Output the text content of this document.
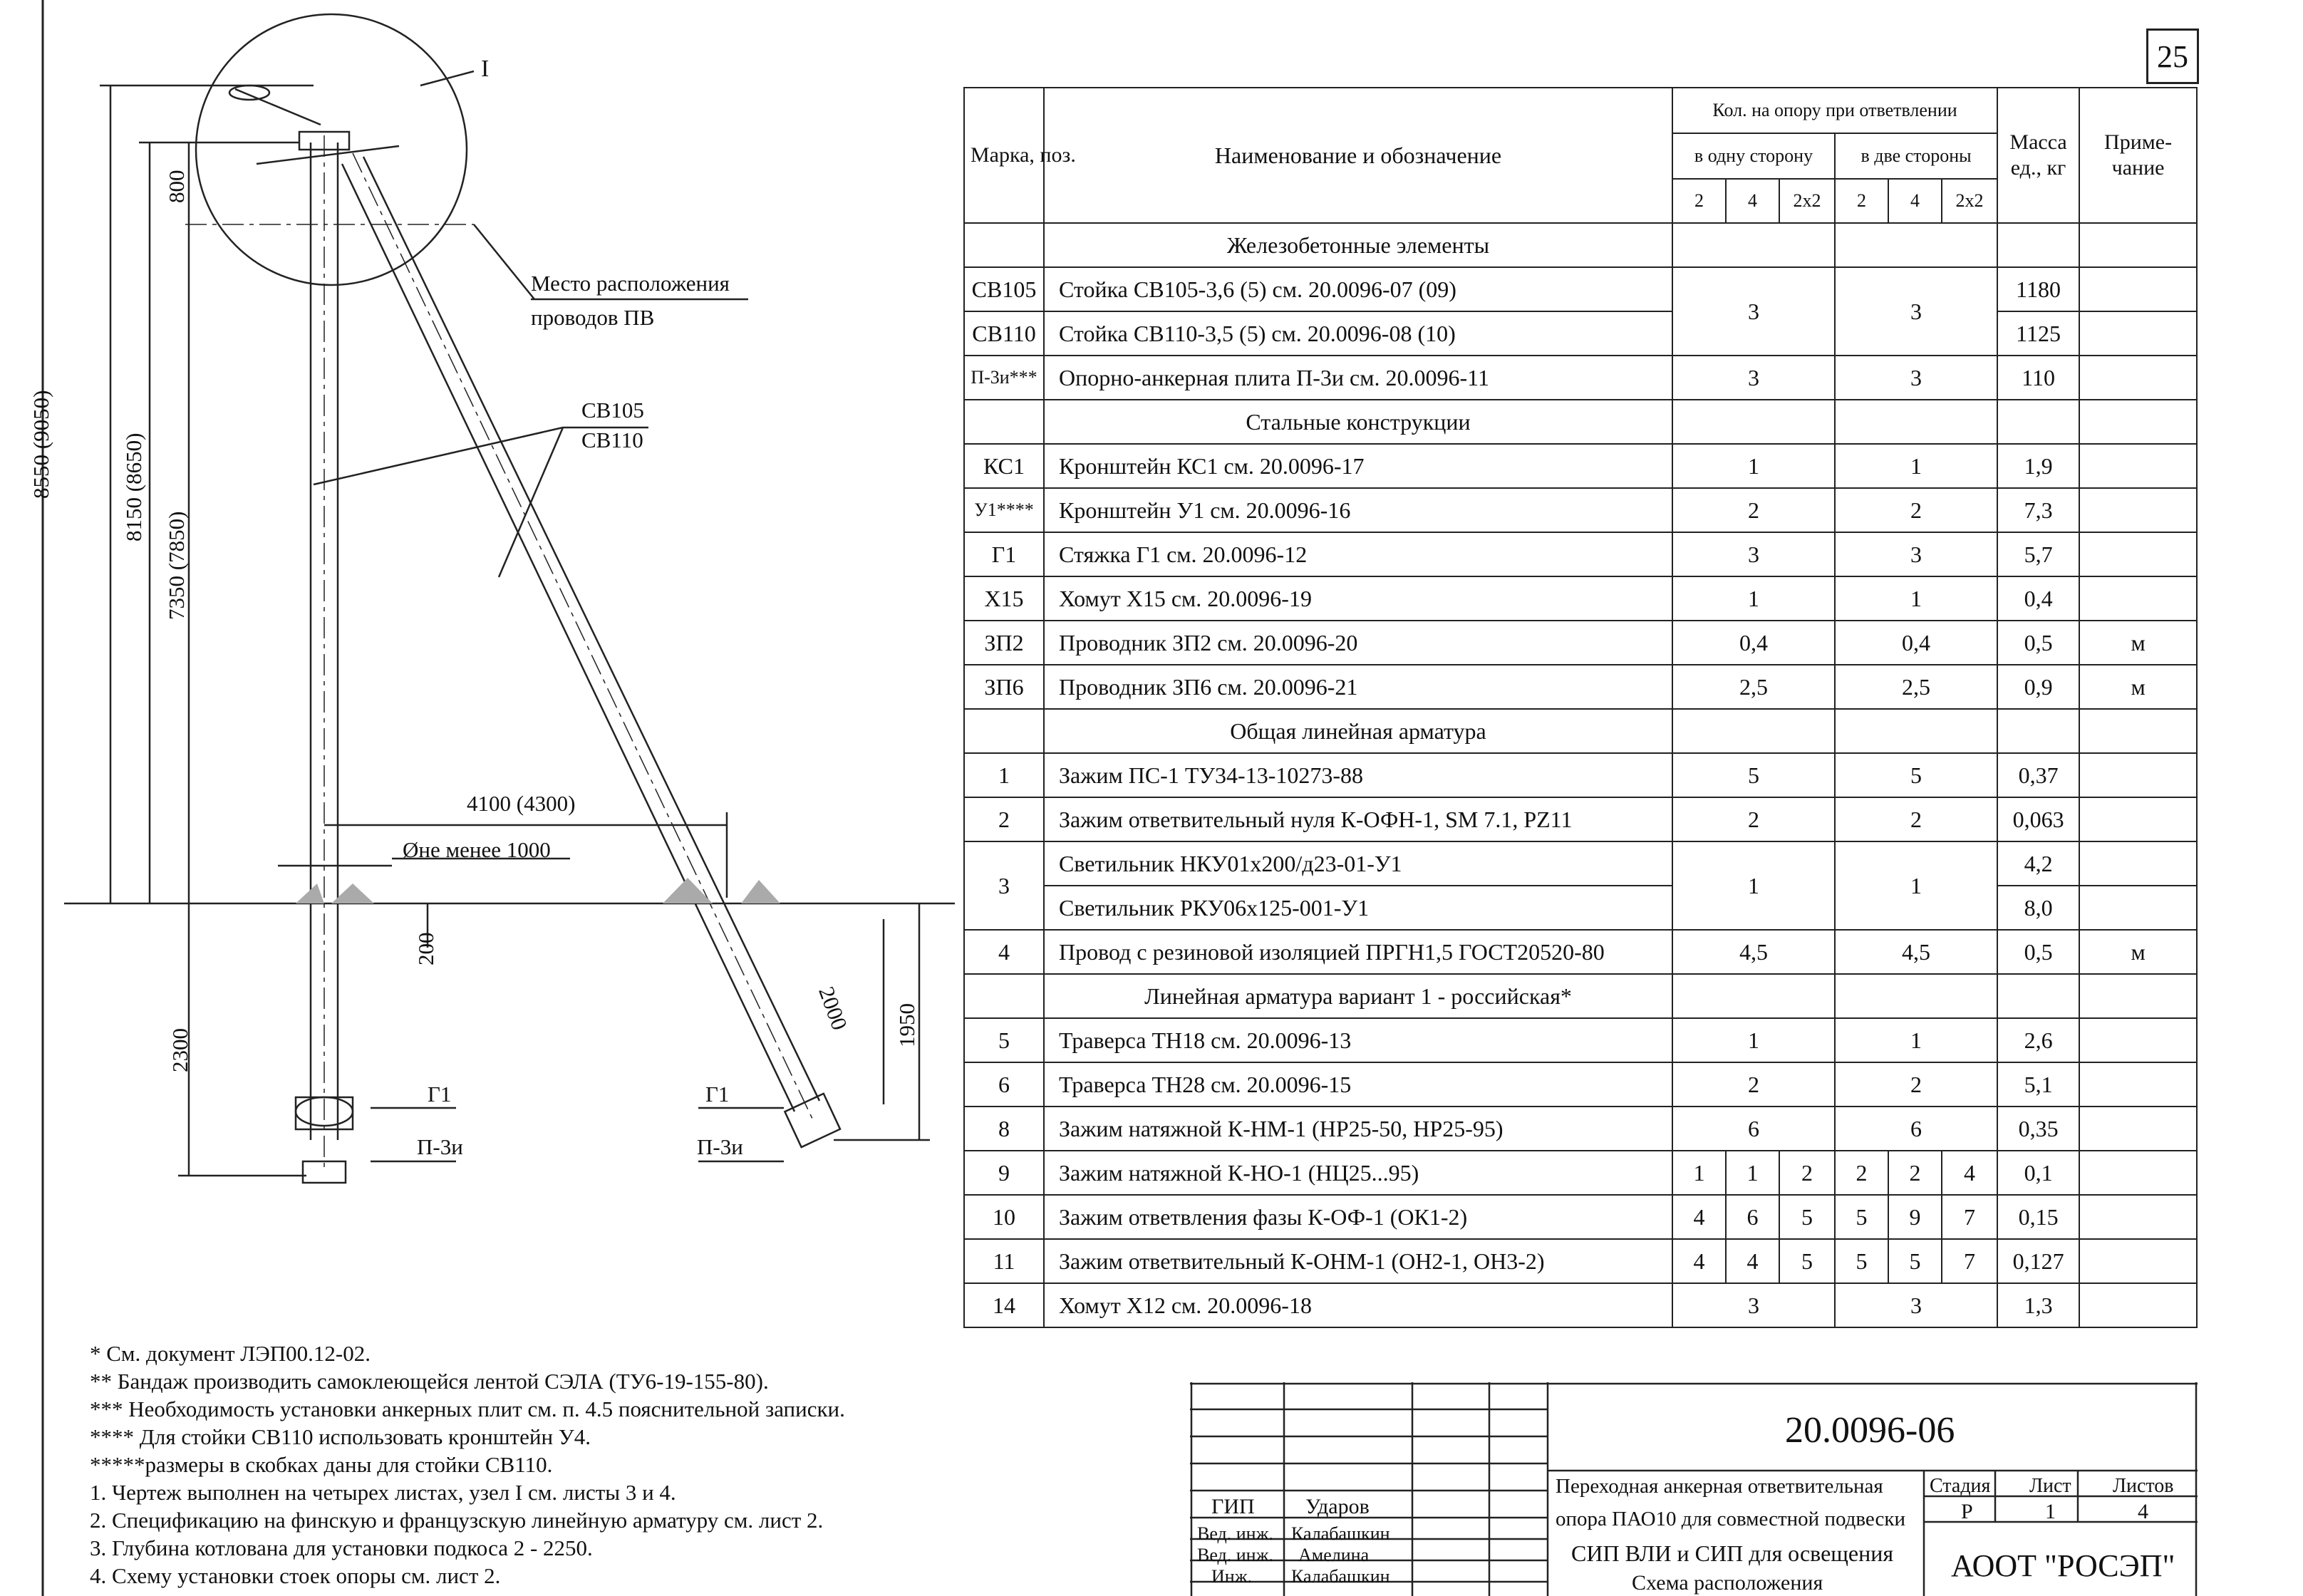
25
I
Место расположения
проводов ПВ
СВ105
СВ110
8550 (9050)	8150 (8650)
7350 (7850)
800
4100 (4300)
Øне менее 1000
200
2300
2000 1950
Г1
П-3и
Г1
П-3и
Марка, поз.	Наименование и обозначение	Кол. на опору при ответвлении						Масса ед., кг	Приме- чание
		в одну сторону			в две стороны				
		2	4	2х2	2	4	2х2		
	Железобетонные элементы								
СВ105	Стойка СВ105-3,6 (5) см. 20.0096-07 (09)	3			3			1180	
СВ110	Стойка СВ110-3,5 (5) см. 20.0096-08 (10)							1125	
П-3и***	Опорно-анкерная плита П-3и см. 20.0096-11	3			3			110	
	Стальные конструкции								
КС1	Кронштейн КС1 см. 20.0096-17	1			1			1,9	
У1****	Кронштейн У1 см. 20.0096-16	2			2			7,3	
Г1	Стяжка Г1 см. 20.0096-12	3			3			5,7	
Х15	Хомут Х15 см. 20.0096-19	1			1			0,4	
ЗП2	Проводник ЗП2 см. 20.0096-20	0,4			0,4			0,5	м
ЗП6	Проводник ЗП6 см. 20.0096-21	2,5			2,5			0,9	м
	Общая линейная арматура								
1	Зажим ПС-1 ТУ34-13-10273-88	5			5			0,37	
2	Зажим ответвительный нуля К-ОФН-1, SM 7.1, PZ11	2			2			0,063	
3	Светильник НКУ01х200/д23-01-У1	1			1			4,2	
	Светильник РКУ06х125-001-У1							8,0	
4	Провод с резиновой изоляцией ПРГН1,5 ГОСТ20520-80	4,5			4,5			0,5	м
	Линейная арматура вариант 1 - российская*								
5	Траверса ТН18 см. 20.0096-13	1			1			2,6	
6	Траверса ТН28 см. 20.0096-15	2			2			5,1	
8	Зажим натяжной К-НМ-1 (НР25-50, НР25-95)	6			6			0,35	
9	Зажим натяжной К-НО-1 (НЦ25...95)	1	1	2	2	2	4	0,1	
10	Зажим ответвления фазы К-ОФ-1 (ОК1-2)	4	6	5	5	9	7	0,15	
11	Зажим ответвительный К-ОНМ-1 (ОН2-1, ОН3-2)	4	4	5	5	5	7	0,127	
14	Хомут Х12 см. 20.0096-18	3			3			1,3	
* См. документ ЛЭП00.12-02.
** Бандаж производить самоклеющейся лентой СЭЛА (ТУ6-19-155-80).
*** Необходимость установки анкерных плит см. п. 4.5 пояснительной записки.
**** Для стойки СВ110 использовать кронштейн У4.
*****размеры в скобках даны для стойки СВ110.
1. Чертеж выполнен на четырех листах, узел I см. листы 3 и 4.
2. Спецификацию на финскую и французскую линейную арматуру см. лист 2.
3. Глубина котлована для установки подкоса 2 - 2250.
4. Схему установки стоек опоры см. лист 2.
20.0096-06
Переходная анкерная ответвительная
опора ПАО10 для совместной подвески
СИП ВЛИ и СИП для освещения
Схема расположения
Стадия Лист Листов
Р	1	4
АООТ "РОСЭП"
ГИП
Вед. инж.
Вед. инж.
Инж.
Ударов
Калабашкин
Амелина
Калабашкин
